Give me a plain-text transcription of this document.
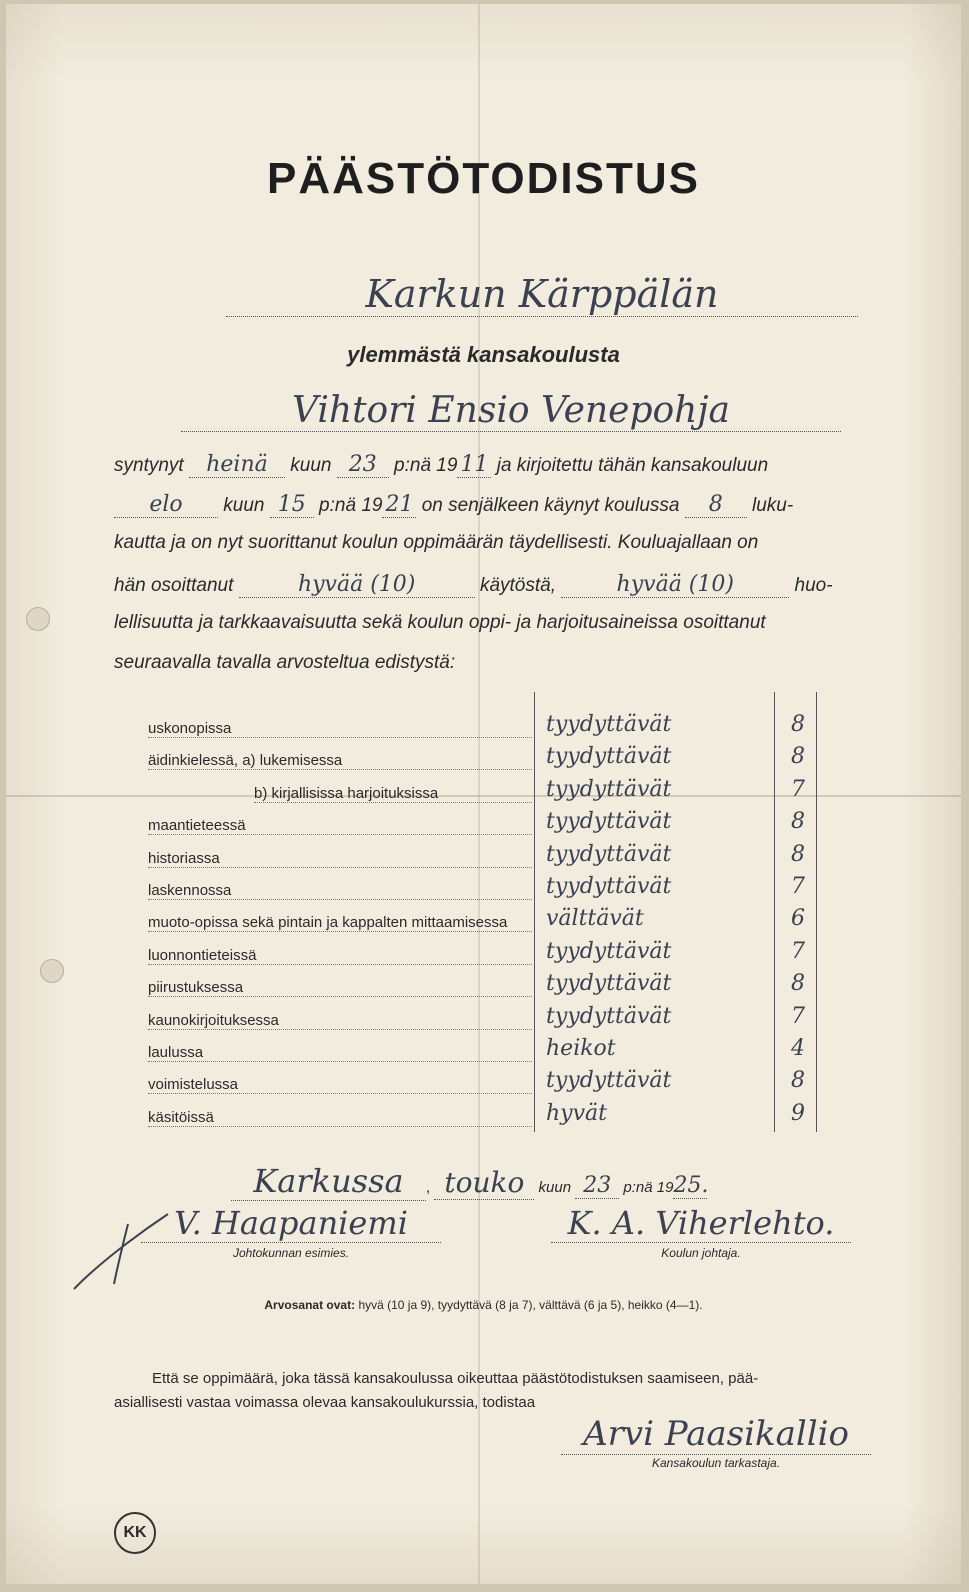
PÄÄSTÖTODISTUS
Karkun Kärppälän
ylemmästä kansakoulusta
Vihtori Ensio Venepohja
syntynyt heinä kuun 23 p:nä 19 11 ja kirjoitettu tähän kansakouluun
elo kuun 15 p:nä 19 21 on senjälkeen käynyt koulussa 8 luku-
kautta ja on nyt suorittanut koulun oppimäärän täydellisesti. Kouluajallaan on
hän osoittanut	hyvää (10)	käytöstä,	hyvää (10)	huo-
lellisuutta ja tarkkaavaisuutta sekä koulun oppi- ja harjoitusaineissa osoittanut
seuraavalla tavalla arvosteltua edistystä:
uskonopissa	tyydyttävät	8
äidinkielessä, a) lukemisessa	tyydyttävät	8
b) kirjallisissa harjoituksissa	tyydyttävät	7
maantieteessä	tyydyttävät	8
historiassa	tyydyttävät	8
laskennossa	tyydyttävät	7
muoto-opissa sekä pintain ja kappalten mittaamisessa	välttävät	6
luonnontieteissä	tyydyttävät	7
piirustuksessa	tyydyttävät	8
kaunokirjoituksessa	tyydyttävät	7
laulussa	heikot	4
voimistelussa	tyydyttävät	8
käsitöissä	hyvät	9
Karkussa , touko kuun 23 p:nä 1925.
V. Haapaniemi
Johtokunnan esimies.
K. A. Viherlehto.
Koulun johtaja.
Arvosanat ovat: hyvä (10 ja 9), tyydyttävä (8 ja 7), välttävä (6 ja 5), heikko (4—1).
Että se oppimäärä, joka tässä kansakoulussa oikeuttaa päästötodistuksen saamiseen, pää-
asiallisesti vastaa voimassa olevaa kansakoulukurssia, todistaa
Arvi Paasikallio
Kansakoulun tarkastaja.
KK
